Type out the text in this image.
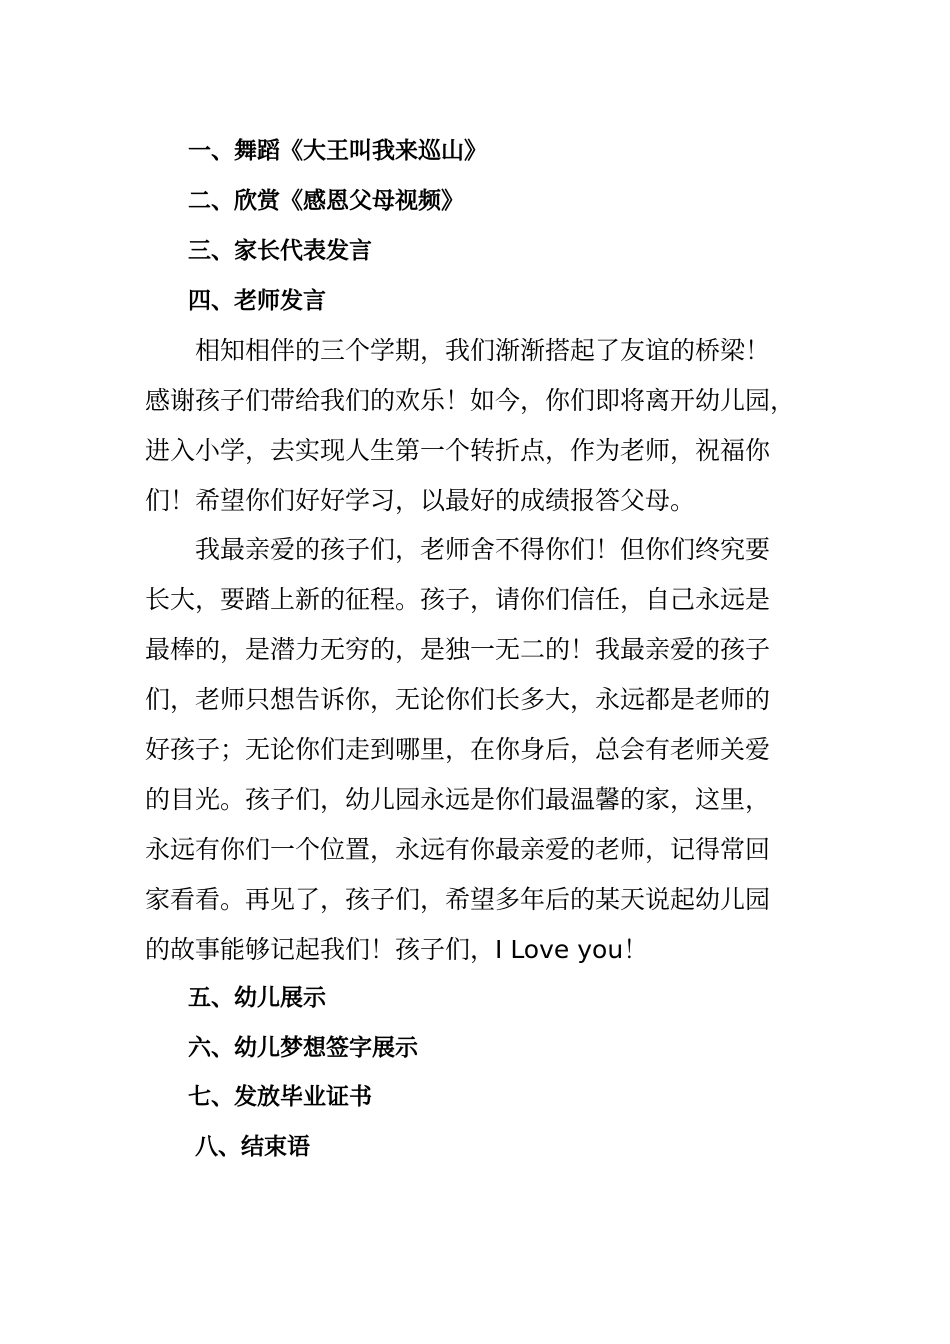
一、舞蹈《大王叫我来巡山》
二、欣赏《感恩父母视频》
三、家长代表发言
四、老师发言
相知相伴的三个学期，我们渐渐搭起了友谊的桥梁！
感谢孩子们带给我们的欢乐！如今，你们即将离开幼儿园，
进入小学，去实现人生第一个转折点，作为老师，祝福你
们！希望你们好好学习，以最好的成绩报答父母。
我最亲爱的孩子们，老师舍不得你们！但你们终究要
长大，要踏上新的征程。孩子，请你们信任，自己永远是
最棒的，是潜力无穷的，是独一无二的！我最亲爱的孩子
们，老师只想告诉你，无论你们长多大，永远都是老师的
好孩子；无论你们走到哪里，在你身后，总会有老师关爱
的目光。孩子们，幼儿园永远是你们最温馨的家，这里，
永远有你们一个位置，永远有你最亲爱的老师，记得常回
家看看。再见了，孩子们，希望多年后的某天说起幼儿园
的故事能够记起我们！孩子们，I Love you！
五、幼儿展示
六、幼儿梦想签字展示
七、发放毕业证书
八、结束语
